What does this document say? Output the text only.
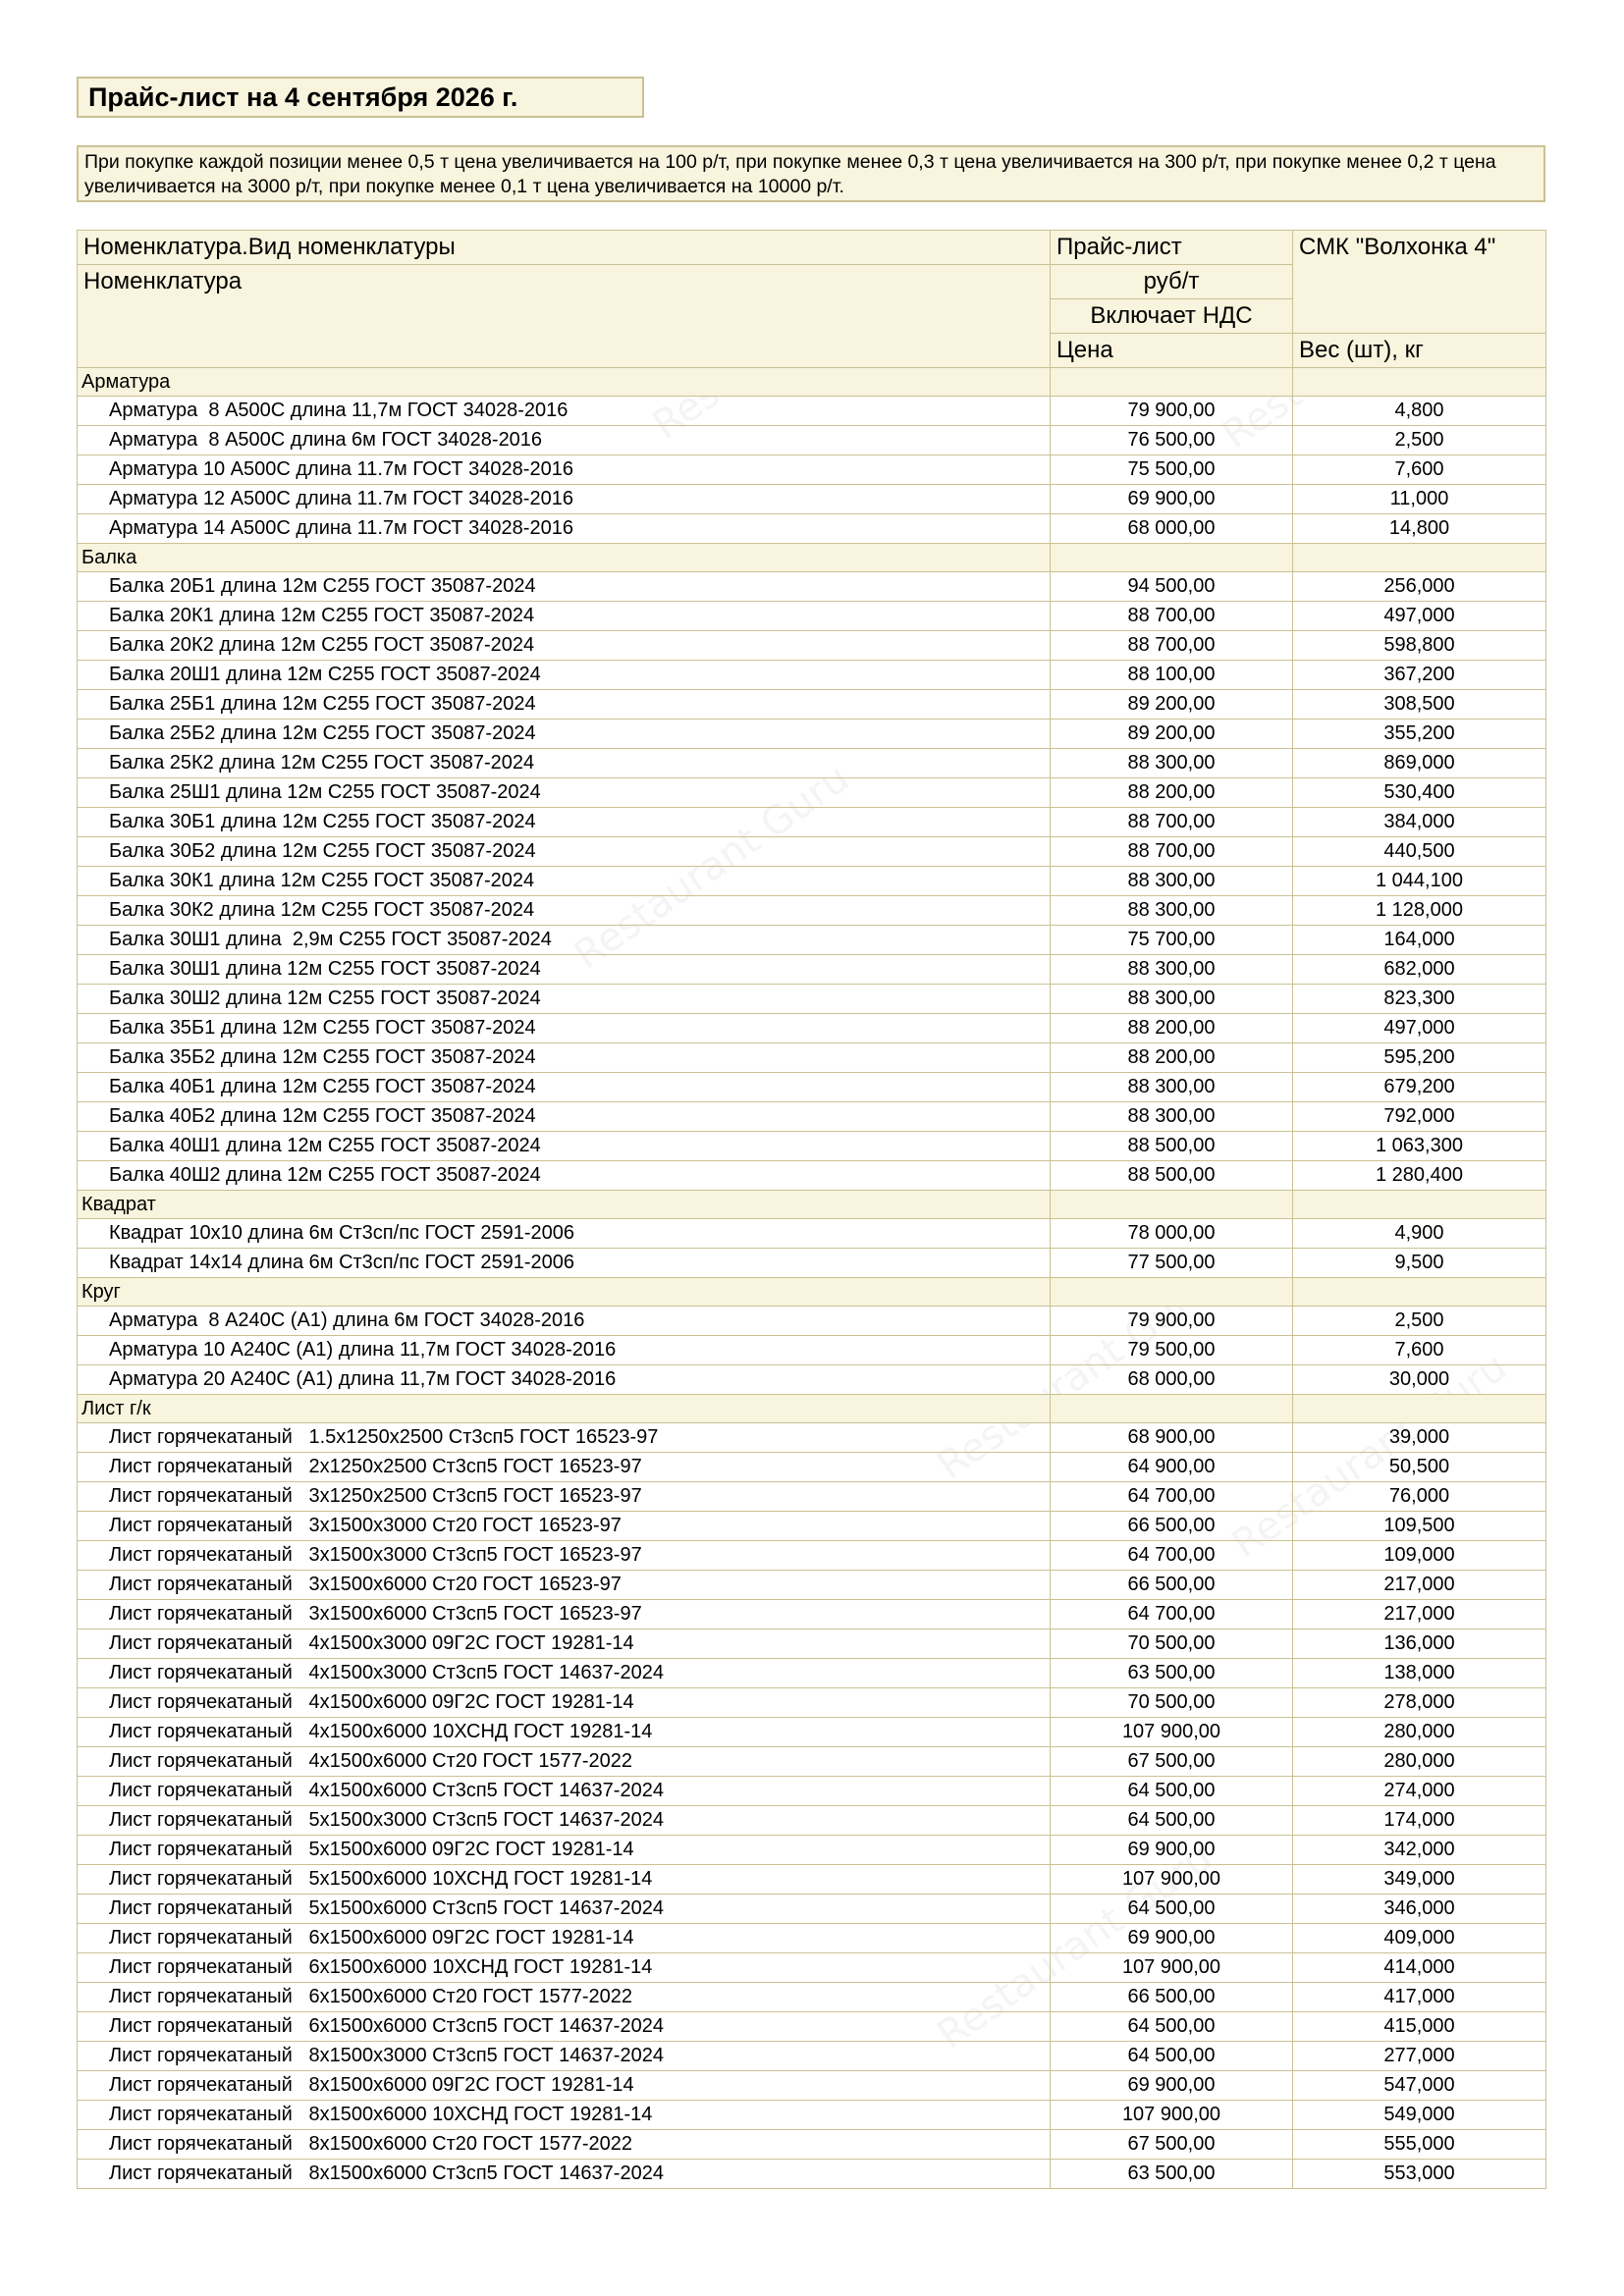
Прайс-лист на 4 сентября 2026 г.
При покупке каждой позиции менее 0,5 т цена увеличивается на 100 р/т, при покупке менее 0,3 т цена увеличивается на 300 р/т, при покупке менее 0,2 т цена увеличивается на 3000 р/т, при покупке менее 0,1 т цена увеличивается на 10000 р/т.
Номенклатура.Вид номенклатуры	Прайс-лист	СМК "Волхонка 4"
Номенклатура	руб/т	
	Включает НДС	
	Цена	Вес (шт), кг
Арматура		
Арматура  8 А500С длина 11,7м ГОСТ 34028-2016	79 900,00	4,800
Арматура  8 А500С длина 6м ГОСТ 34028-2016	76 500,00	2,500
Арматура 10 А500С длина 11.7м ГОСТ 34028-2016	75 500,00	7,600
Арматура 12 А500С длина 11.7м ГОСТ 34028-2016	69 900,00	11,000
Арматура 14 А500С длина 11.7м ГОСТ 34028-2016	68 000,00	14,800
Балка		
Балка 20Б1 длина 12м С255 ГОСТ 35087-2024	94 500,00	256,000
Балка 20К1 длина 12м С255 ГОСТ 35087-2024	88 700,00	497,000
Балка 20К2 длина 12м С255 ГОСТ 35087-2024	88 700,00	598,800
Балка 20Ш1 длина 12м С255 ГОСТ 35087-2024	88 100,00	367,200
Балка 25Б1 длина 12м С255 ГОСТ 35087-2024	89 200,00	308,500
Балка 25Б2 длина 12м С255 ГОСТ 35087-2024	89 200,00	355,200
Балка 25К2 длина 12м С255 ГОСТ 35087-2024	88 300,00	869,000
Балка 25Ш1 длина 12м С255 ГОСТ 35087-2024	88 200,00	530,400
Балка 30Б1 длина 12м С255 ГОСТ 35087-2024	88 700,00	384,000
Балка 30Б2 длина 12м С255 ГОСТ 35087-2024	88 700,00	440,500
Балка 30К1 длина 12м С255 ГОСТ 35087-2024	88 300,00	1 044,100
Балка 30К2 длина 12м С255 ГОСТ 35087-2024	88 300,00	1 128,000
Балка 30Ш1 длина  2,9м С255 ГОСТ 35087-2024	75 700,00	164,000
Балка 30Ш1 длина 12м С255 ГОСТ 35087-2024	88 300,00	682,000
Балка 30Ш2 длина 12м С255 ГОСТ 35087-2024	88 300,00	823,300
Балка 35Б1 длина 12м С255 ГОСТ 35087-2024	88 200,00	497,000
Балка 35Б2 длина 12м С255 ГОСТ 35087-2024	88 200,00	595,200
Балка 40Б1 длина 12м С255 ГОСТ 35087-2024	88 300,00	679,200
Балка 40Б2 длина 12м С255 ГОСТ 35087-2024	88 300,00	792,000
Балка 40Ш1 длина 12м С255 ГОСТ 35087-2024	88 500,00	1 063,300
Балка 40Ш2 длина 12м С255 ГОСТ 35087-2024	88 500,00	1 280,400
Квадрат		
Квадрат 10х10 длина 6м Ст3сп/пс ГОСТ 2591-2006	78 000,00	4,900
Квадрат 14х14 длина 6м Ст3сп/пс ГОСТ 2591-2006	77 500,00	9,500
Круг		
Арматура  8 А240С (А1) длина 6м ГОСТ 34028-2016	79 900,00	2,500
Арматура 10 А240С (А1) длина 11,7м ГОСТ 34028-2016	79 500,00	7,600
Арматура 20 А240С (А1) длина 11,7м ГОСТ 34028-2016	68 000,00	30,000
Лист г/к		
Лист горячекатаный   1.5х1250х2500 Ст3сп5 ГОСТ 16523-97	68 900,00	39,000
Лист горячекатаный   2х1250х2500 Ст3сп5 ГОСТ 16523-97	64 900,00	50,500
Лист горячекатаный   3х1250х2500 Ст3сп5 ГОСТ 16523-97	64 700,00	76,000
Лист горячекатаный   3х1500х3000 Ст20 ГОСТ 16523-97	66 500,00	109,500
Лист горячекатаный   3х1500х3000 Ст3сп5 ГОСТ 16523-97	64 700,00	109,000
Лист горячекатаный   3х1500х6000 Ст20 ГОСТ 16523-97	66 500,00	217,000
Лист горячекатаный   3х1500х6000 Ст3сп5 ГОСТ 16523-97	64 700,00	217,000
Лист горячекатаный   4х1500х3000 09Г2С ГОСТ 19281-14	70 500,00	136,000
Лист горячекатаный   4х1500х3000 Ст3сп5 ГОСТ 14637-2024	63 500,00	138,000
Лист горячекатаный   4х1500х6000 09Г2С ГОСТ 19281-14	70 500,00	278,000
Лист горячекатаный   4х1500х6000 10ХСНД ГОСТ 19281-14	107 900,00	280,000
Лист горячекатаный   4х1500х6000 Ст20 ГОСТ 1577-2022	67 500,00	280,000
Лист горячекатаный   4х1500х6000 Ст3сп5 ГОСТ 14637-2024	64 500,00	274,000
Лист горячекатаный   5х1500х3000 Ст3сп5 ГОСТ 14637-2024	64 500,00	174,000
Лист горячекатаный   5х1500х6000 09Г2С ГОСТ 19281-14	69 900,00	342,000
Лист горячекатаный   5х1500х6000 10ХСНД ГОСТ 19281-14	107 900,00	349,000
Лист горячекатаный   5х1500х6000 Ст3сп5 ГОСТ 14637-2024	64 500,00	346,000
Лист горячекатаный   6х1500х6000 09Г2С ГОСТ 19281-14	69 900,00	409,000
Лист горячекатаный   6х1500х6000 10ХСНД ГОСТ 19281-14	107 900,00	414,000
Лист горячекатаный   6х1500х6000 Ст20 ГОСТ 1577-2022	66 500,00	417,000
Лист горячекатаный   6х1500х6000 Ст3сп5 ГОСТ 14637-2024	64 500,00	415,000
Лист горячекатаный   8х1500х3000 Ст3сп5 ГОСТ 14637-2024	64 500,00	277,000
Лист горячекатаный   8х1500х6000 09Г2С ГОСТ 19281-14	69 900,00	547,000
Лист горячекатаный   8х1500х6000 10ХСНД ГОСТ 19281-14	107 900,00	549,000
Лист горячекатаный   8х1500х6000 Ст20 ГОСТ 1577-2022	67 500,00	555,000
Лист горячекатаный   8х1500х6000 Ст3сп5 ГОСТ 14637-2024	63 500,00	553,000
